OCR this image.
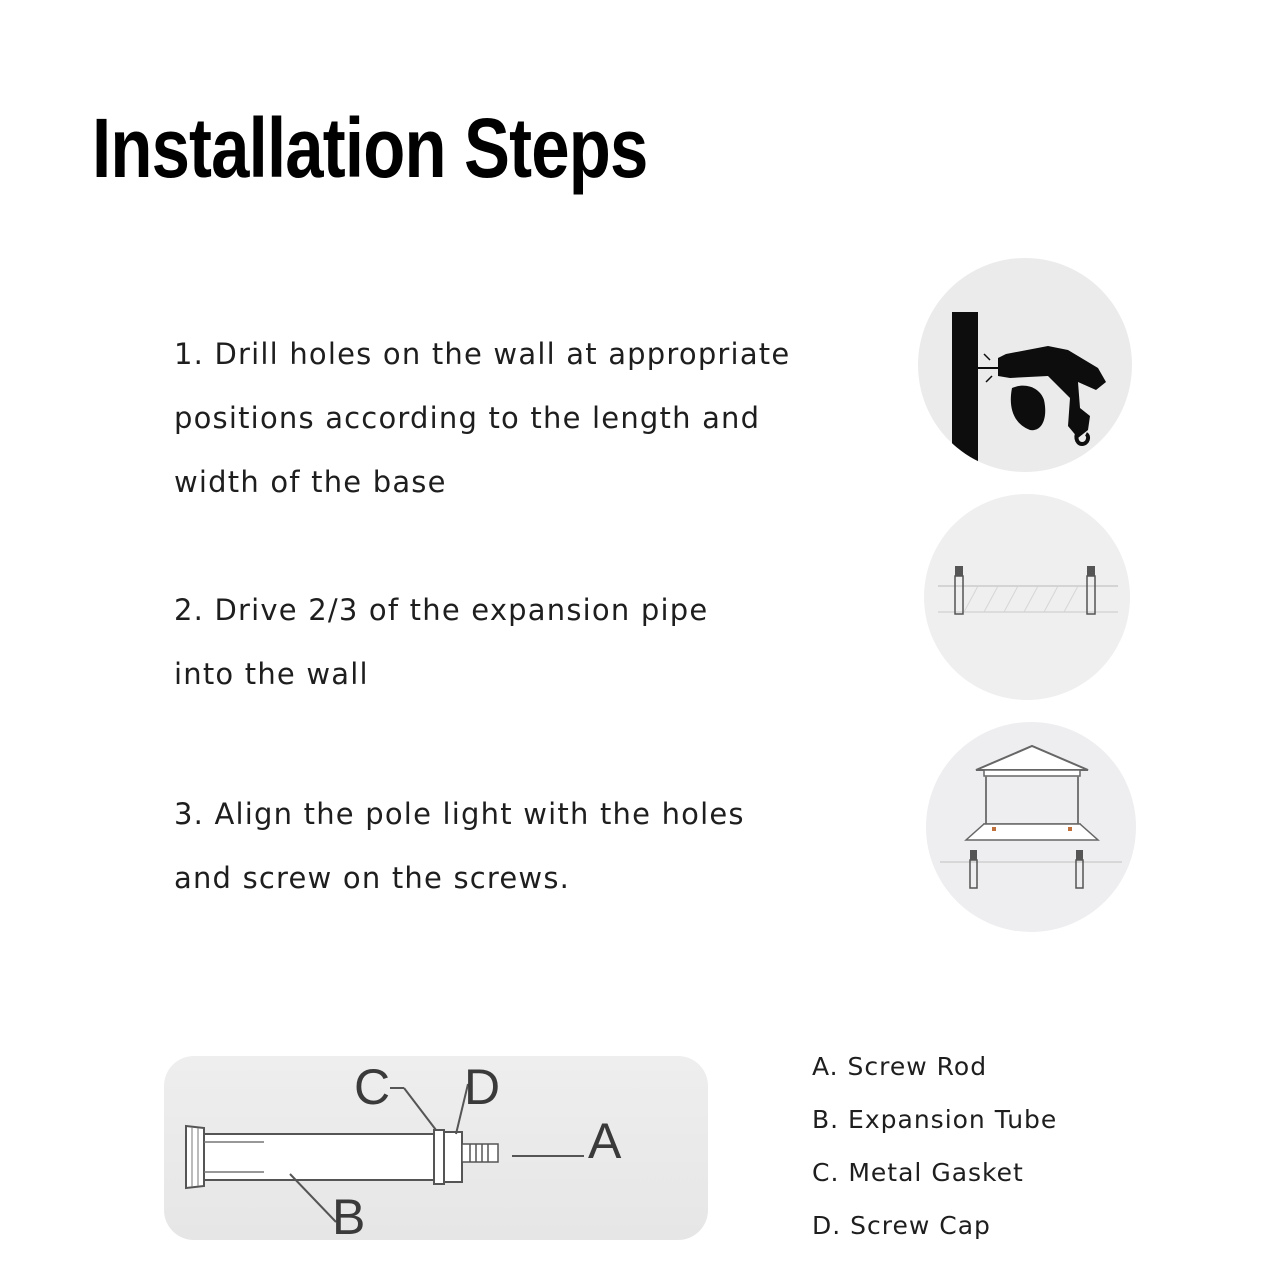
Installation Steps
1. Drill holes on the wall at appropriate
positions according to the length and
width of the base
2. Drive 2/3 of the expansion pipe
into the wall
3. Align the pole light with the holes
and screw on the screws.
C D
A
B
A. Screw Rod
B. Expansion Tube
C. Metal Gasket
D. Screw Cap
